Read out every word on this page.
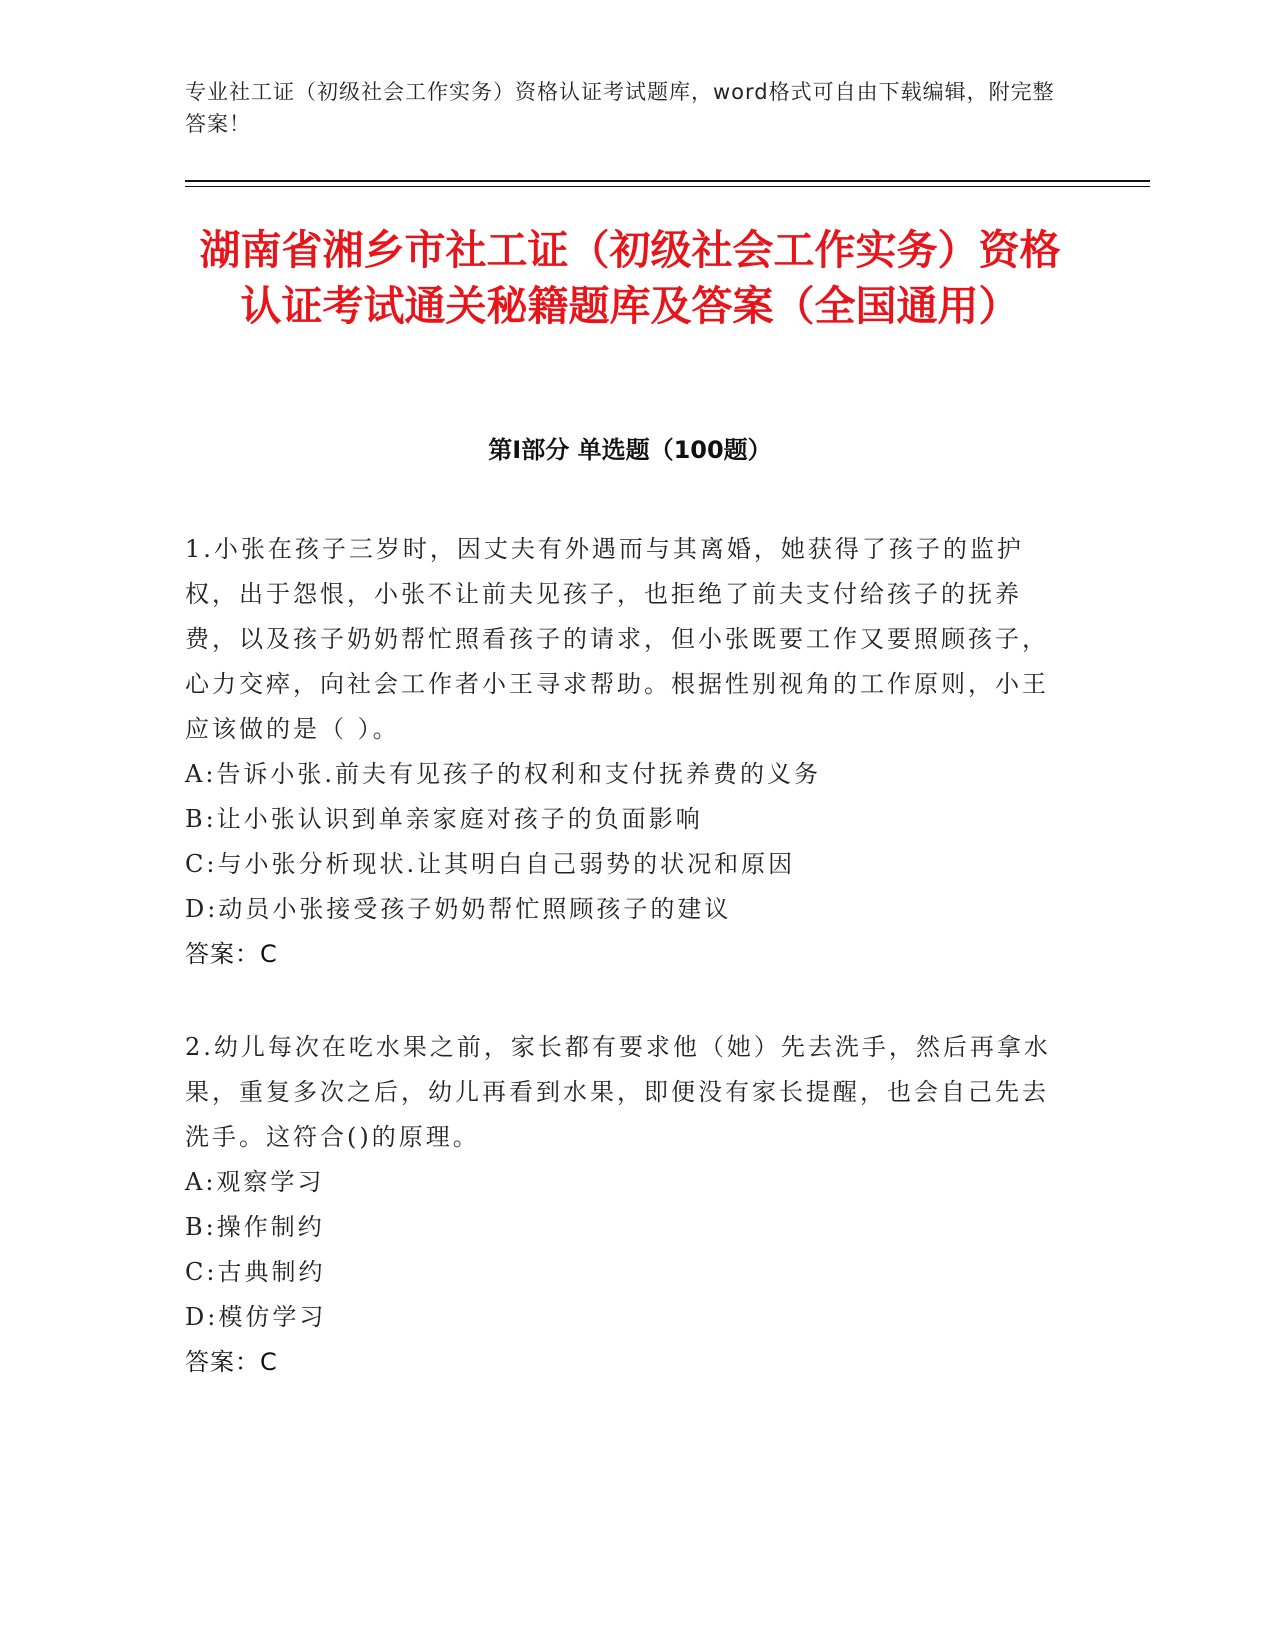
专业社工证（初级社会工作实务）资格认证考试题库，word格式可自由下载编辑，附完整答案！
湖南省湘乡市社工证（初级社会工作实务）资格认证考试通关秘籍题库及答案（全国通用）
第Ⅰ部分 单选题（100题）

1.小张在孩子三岁时，因丈夫有外遇而与其离婚，她获得了孩子的监护权，出于怨恨，小张不让前夫见孩子，也拒绝了前夫支付给孩子的抚养费，以及孩子奶奶帮忙照看孩子的请求，但小张既要工作又要照顾孩子，心力交瘁，向社会工作者小王寻求帮助。根据性别视角的工作原则，小王应该做的是（ ）。

A:告诉小张.前夫有见孩子的权利和支付抚养费的义务

B:让小张认识到单亲家庭对孩子的负面影响

C:与小张分析现状.让其明白自己弱势的状况和原因

D:动员小张接受孩子奶奶帮忙照顾孩子的建议

答案：C

2.幼儿每次在吃水果之前，家长都有要求他（她）先去洗手，然后再拿水果，重复多次之后，幼儿再看到水果，即便没有家长提醒，也会自己先去洗手。这符合()的原理。

A:观察学习

B:操作制约

C:古典制约

D:模仿学习

答案：C
